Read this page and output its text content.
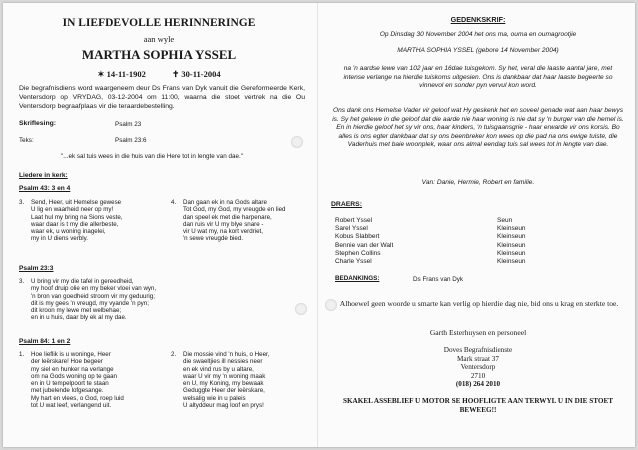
IN LIEFDEVOLLE HERINNERINGE
aan wyle
MARTHA SOPHIA YSSEL
✶ 14-11-1902	✝ 30-11-2004
Die begrafnisdiens word waargeneem deur Ds Frans van Dyk vanuit die Gereformeerde Kerk, Ventersdorp op VRYDAG, 03-12-2004 om 11:00, waarna die stoet vertrek na die Ou Ventersdorp begraafplaas vir die teraardebestelling.
Skriflesing:	Psalm 23
Teks:	Psalm 23:6
"...ek sal tuis wees in die huis van die Here tot in lengte van dae."
Liedere in kerk:
Psalm 43: 3 en 4
3. Send, Heer, uit Hemelse gewese
U lig en waarheid neer op my!
Laat hul my bring na Sions veste,
waar daar is t my die allerbeste,
waar ek, u woning inagelei,
my in U diens verbly.
4. Dan gaan ek in na Gods altare
Tot God, my God, my vreugde en lied
dan speel ek met die harpenare,
dan ruis vir U my blye snare -
vir U wat my, na kort verdriet,
'n sewe vreugde bied.
Psalm 23:3
3. U bring vir my die tafel in gereedheid,
my hoof druip olie en my beker vloei van wyn,
'n bron van goedheid stroom vir my geduurig;
dit is my gees 'n vreugd, my vyande 'n pyn;
dit kroon my lewe met welbehae;
en in u huis, daar bly ek al my dae.
Psalm 84: 1 en 2
1. Hoe lieflik is u woninge, Heer
der leërskare! Hoe begeer
my siel en hunker na verlange
om na Gods woning op te gaan
en in U tempelpoort te staan
met jubelende lofgesange.
My hart en vlees, o God, roep luid
tot U wat leef, verlangend uit.
2. Die mossie vind 'n huis, o Heer,
die swaeltjies ill nessies neer
en ek vind rus by u altare,
waar U vir my 'n woning maak
en U, my Koning, my bewaak
Geduggte Heer der leërskare,
welsalig wie in u paleis
U altyddeur mag loof en prys!
GEDENKSKRIF:
Op Dinsdag 30 November 2004 het ons ma, ouma en oumagrootjie
MARTHA SOPHIA YSSEL (gebore 14 November 2004)
na 'n aardse lewe van 102 jaar en 16dae tuisgekom. Sy het, veral die laaste aantal jare, met intense verlange na hierdie tuiskoms uitgesien. Ons is dankbaar dat haar laaste begeerte so vinnevol en sonder pyn vervul kon word.
Ons dank ons Hemelse Vader vir geloof wat Hy geskenk het en soveel genade wat aan haar bewys is. Sy het gelewe in die geloof dat die aarde nie haar woning is nie dat sy 'n burger van die hemel is. En in hierdie geloof het sy vir ons, haar kinders, 'n tuisgaansgrie - haar erwarde vir ons korsis. Bo alles is ons egter dankbaar dat sy ons beenbreker kon wees op die pad na ons ewige tuiste, die Vaderhuis met baie woonplek, waar ons almal eendag tuis sal wees tot in lengte van dae.
Van: Danie, Hermie, Robert en familie.
DRAERS:
Robert Yssel	Seun
Sarel Yssel	Kleinseun
Kobus Slabbert	Kleinseun
Bennie van der Walt	Kleinseun
Stephen Collins	Kleinseun
Charle Yssel	Kleinseun
BEDANKINGS:	Ds Frans van Dyk
Alhoewel geen woorde u smarte kan verlig op hierdie dag nie, bid ons u krag en sterkte toe.
Garth Esterhuysen en personeel
Doves Begrafnisdienste
Mark straat 37
Ventersdorp
2710
(018) 264 2010
SKAKEL ASSEBLIEF U MOTOR SE HOOFLIGTE AAN TERWYL U IN DIE STOET BEWEEG!!
